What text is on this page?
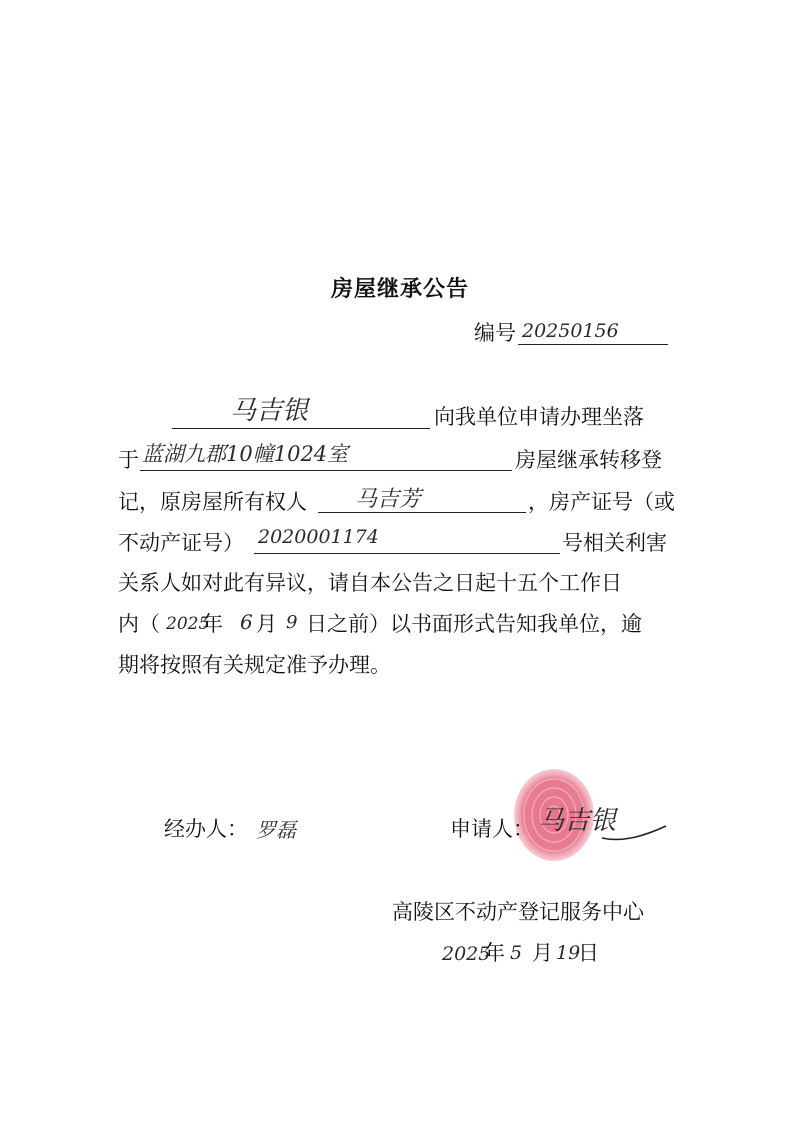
房屋继承公告
编号 20250156
马吉银	向我单位申请办理坐落
于 蓝湖九郡10幢1024室	房屋继承转移登
记，原房屋所有权人 马吉芳	，房产证号（或
不动产证号） 2020001174	号相关利害
关系人如对此有异议，请自本公告之日起十五个工作日
内（ 2025
年 6 月 9 日之前）以书面形式告知我单位，逾
期将按照有关规定准予办理。
经办人： 罗磊	申请人： 马吉银
高陵区不动产登记服务中心
2025
年 5 月 19
日
